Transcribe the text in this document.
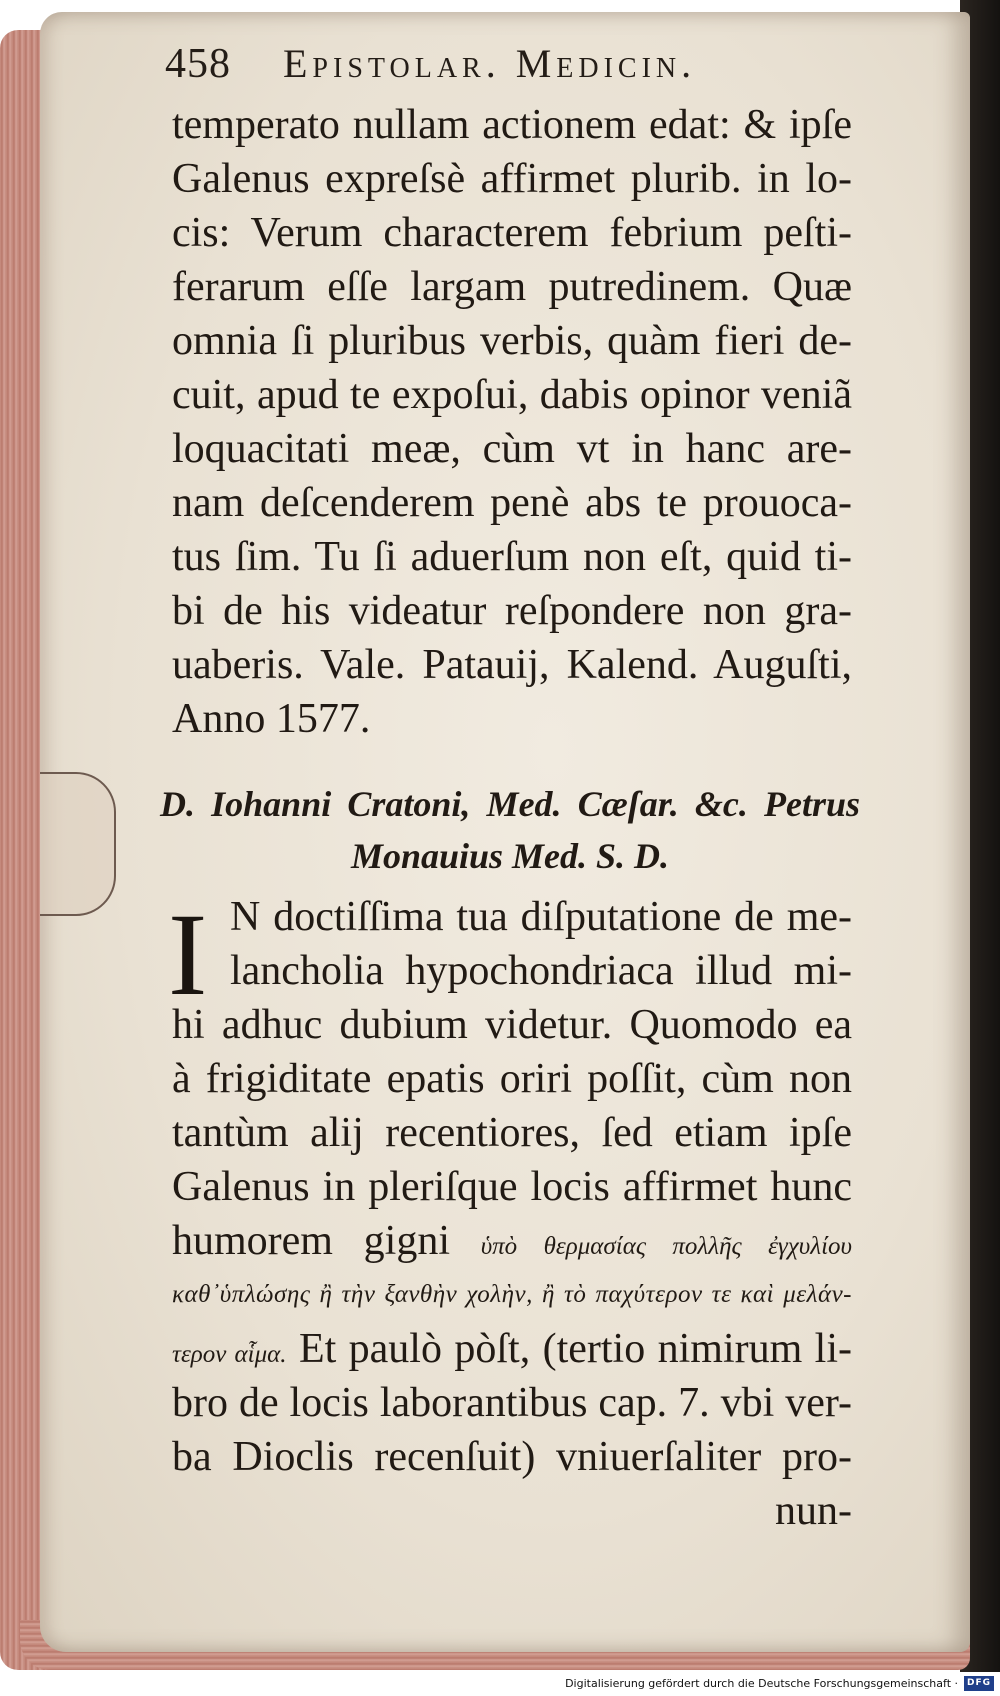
458 Epistolar. Medicin.
temperato nullam actionem edat: & ipſe
Galenus expreſsè affirmet plurib. in lo-
cis: Verum characterem febrium peſti-
ferarum eſſe largam putredinem. Quæ
omnia ſi pluribus verbis, quàm fieri de-
cuit, apud te expoſui, dabis opinor veniã
loquacitati meæ, cùm vt in hanc are-
nam deſcenderem penè abs te prouoca-
tus ſim. Tu ſi aduerſum non eſt, quid ti-
bi de his videatur reſpondere non gra-
uaberis. Vale. Patauij, Kalend. Auguſti,
Anno 1577.
D. Iohanni Cratoni, Med. Cæſar. &c. Petrus
Monauius Med. S. D.
I N doctiſſima tua diſputatione de me-
lancholia hypochondriaca illud mi-
hi adhuc dubium videtur. Quomodo ea
à frigiditate epatis oriri poſſit, cùm non
tantùm alij recentiores, ſed etiam ipſe
Galenus in pleriſque locis affirmet hunc
humorem gigni ὑπὸ θερμασίας πολλῆς ἐγχυλίου
καθ᾽ὑπλώσης ἢ τὴν ξανθὴν χολὴν, ἢ τὸ παχύτερον τε καὶ μελάν-
τερον αἷμα. Et paulò pòſt, (tertio nimirum li-
bro de locis laborantibus cap. 7. vbi ver-
ba Dioclis recenſuit) vniuerſaliter pro-
nun-
Digitalisierung gefördert durch die Deutsche Forschungsgemeinschaft · DFG
